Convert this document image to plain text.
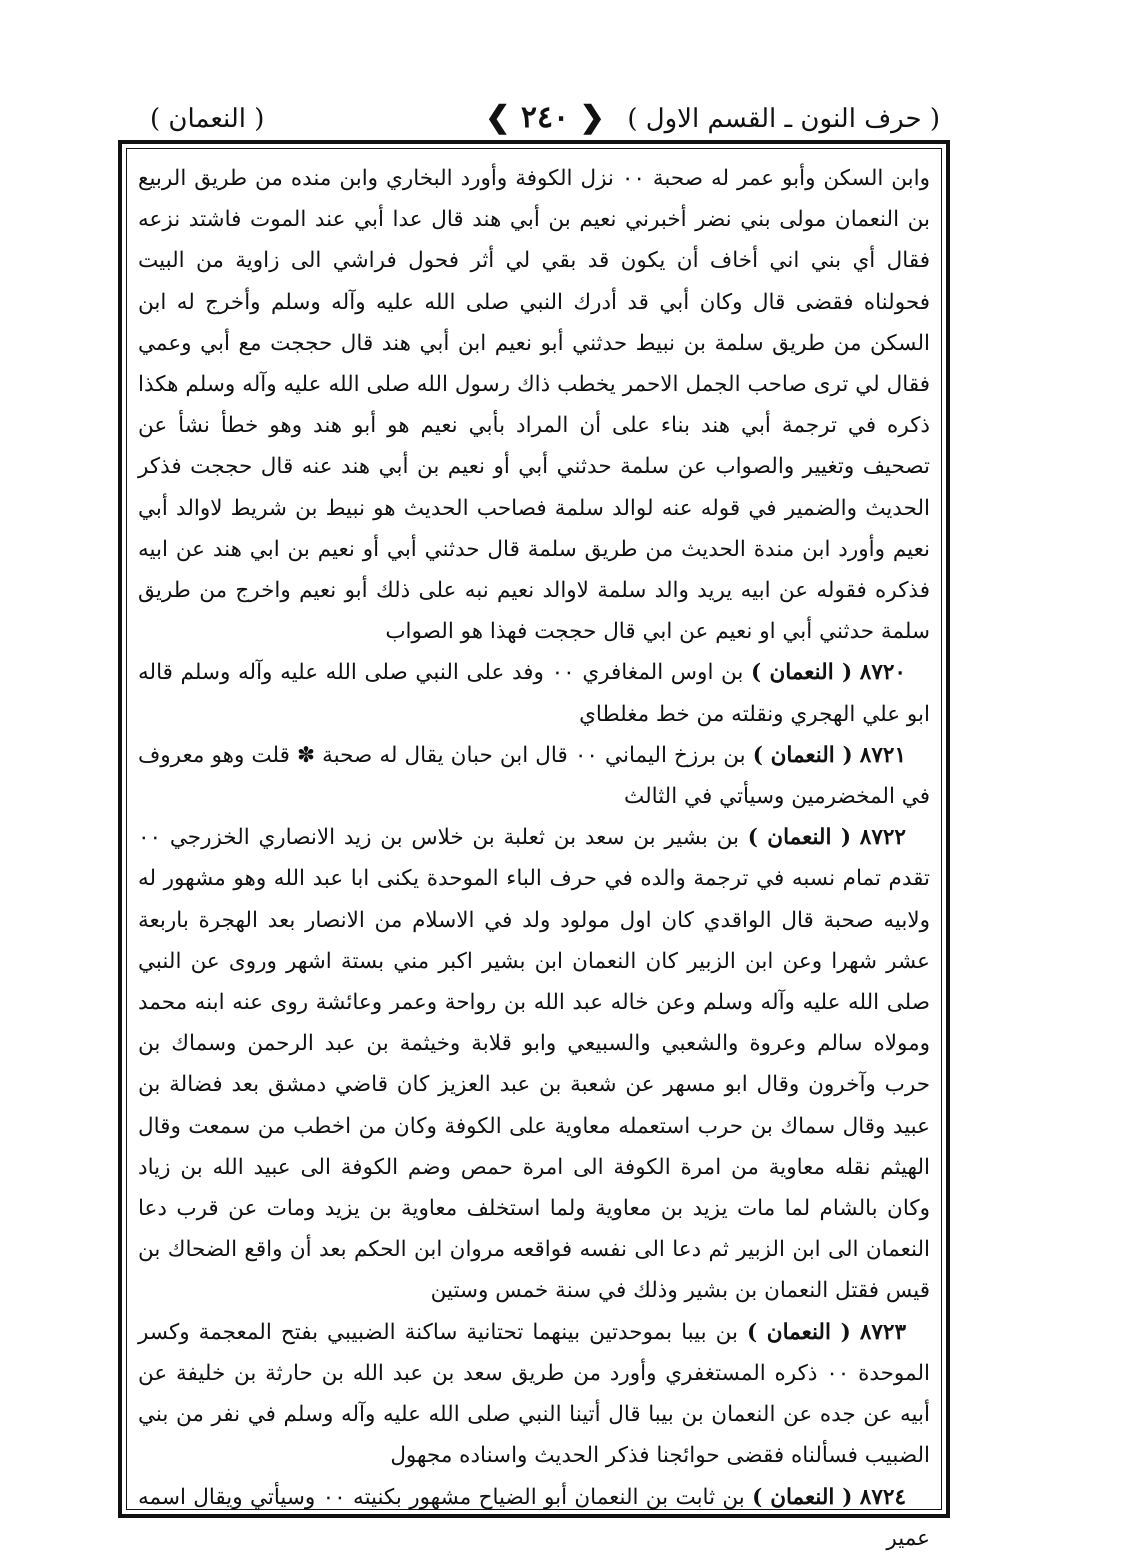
( حرف النون ـ القسم الاول )
❮ ٢٤٠ ❯
( النعمان )

وابن السكن وأبو عمر له صحبة ٠٠ نزل الكوفة وأورد البخاري وابن منده من طريق الربيع بن النعمان مولى بني نضر أخبرني نعيم بن أبي هند قال عدا أبي عند الموت فاشتد نزعه فقال أي بني اني أخاف أن يكون قد بقي لي أثر فحول فراشي الى زاوية من البيت فحولناه فقضى قال وكان أبي قد أدرك النبي صلى الله عليه وآله وسلم وأخرج له ابن السكن من طريق سلمة بن نبيط حدثني أبو نعيم ابن أبي هند قال حججت مع أبي وعمي فقال لي ترى صاحب الجمل الاحمر يخطب ذاك رسول الله صلى الله عليه وآله وسلم هكذا ذكره في ترجمة أبي هند بناء على أن المراد بأبي نعيم هو أبو هند وهو خطأ نشأ عن تصحيف وتغيير والصواب عن سلمة حدثني أبي أو نعيم بن أبي هند عنه قال حججت فذكر الحديث والضمير في قوله عنه لوالد سلمة فصاحب الحديث هو نبيط بن شريط لاوالد أبي نعيم وأورد ابن مندة الحديث من طريق سلمة قال حدثني أبي أو نعيم بن ابي هند عن ابيه فذكره فقوله عن ابيه يريد والد سلمة لاوالد نعيم نبه على ذلك أبو نعيم واخرج من طريق سلمة حدثني أبي او نعيم عن ابي قال حججت فهذا هو الصواب

٨٧٢٠ ( النعمان ) بن اوس المغافري ٠٠ وفد على النبي صلى الله عليه وآله وسلم قاله ابو علي الهجري ونقلته من خط مغلطاي

٨٧٢١ ( النعمان ) بن برزخ اليماني ٠٠ قال ابن حبان يقال له صحبة ✽ قلت وهو معروف في المخضرمين وسيأتي في الثالث

٨٧٢٢ ( النعمان ) بن بشير بن سعد بن ثعلبة بن خلاس بن زيد الانصاري الخزرجي ٠٠ تقدم تمام نسبه في ترجمة والده في حرف الباء الموحدة يكنى ابا عبد الله وهو مشهور له ولابيه صحبة قال الواقدي كان اول مولود ولد في الاسلام من الانصار بعد الهجرة باربعة عشر شهرا وعن ابن الزبير كان النعمان ابن بشير اكبر مني بستة اشهر وروى عن النبي صلى الله عليه وآله وسلم وعن خاله عبد الله بن رواحة وعمر وعائشة روى عنه ابنه محمد ومولاه سالم وعروة والشعبي والسبيعي وابو قلابة وخيثمة بن عبد الرحمن وسماك بن حرب وآخرون وقال ابو مسهر عن شعبة بن عبد العزيز كان قاضي دمشق بعد فضالة بن عبيد وقال سماك بن حرب استعمله معاوية على الكوفة وكان من اخطب من سمعت وقال الهيثم نقله معاوية من امرة الكوفة الى امرة حمص وضم الكوفة الى عبيد الله بن زياد وكان بالشام لما مات يزيد بن معاوية ولما استخلف معاوية بن يزيد ومات عن قرب دعا النعمان الى ابن الزبير ثم دعا الى نفسه فواقعه مروان ابن الحكم بعد أن واقع الضحاك بن قيس فقتل النعمان بن بشير وذلك في سنة خمس وستين

٨٧٢٣ ( النعمان ) بن بيبا بموحدتين بينهما تحتانية ساكنة الضبيبي بفتح المعجمة وكسر الموحدة ٠٠ ذكره المستغفري وأورد من طريق سعد بن عبد الله بن حارثة بن خليفة عن أبيه عن جده عن النعمان بن بيبا قال أتينا النبي صلى الله عليه وآله وسلم في نفر من بني الضبيب فسألناه فقضى حوائجنا فذكر الحديث واسناده مجهول

٨٧٢٤ ( النعمان ) بن ثابت بن النعمان أبو الضياح مشهور بكنيته ٠٠ وسيأتي ويقال اسمه عمير
